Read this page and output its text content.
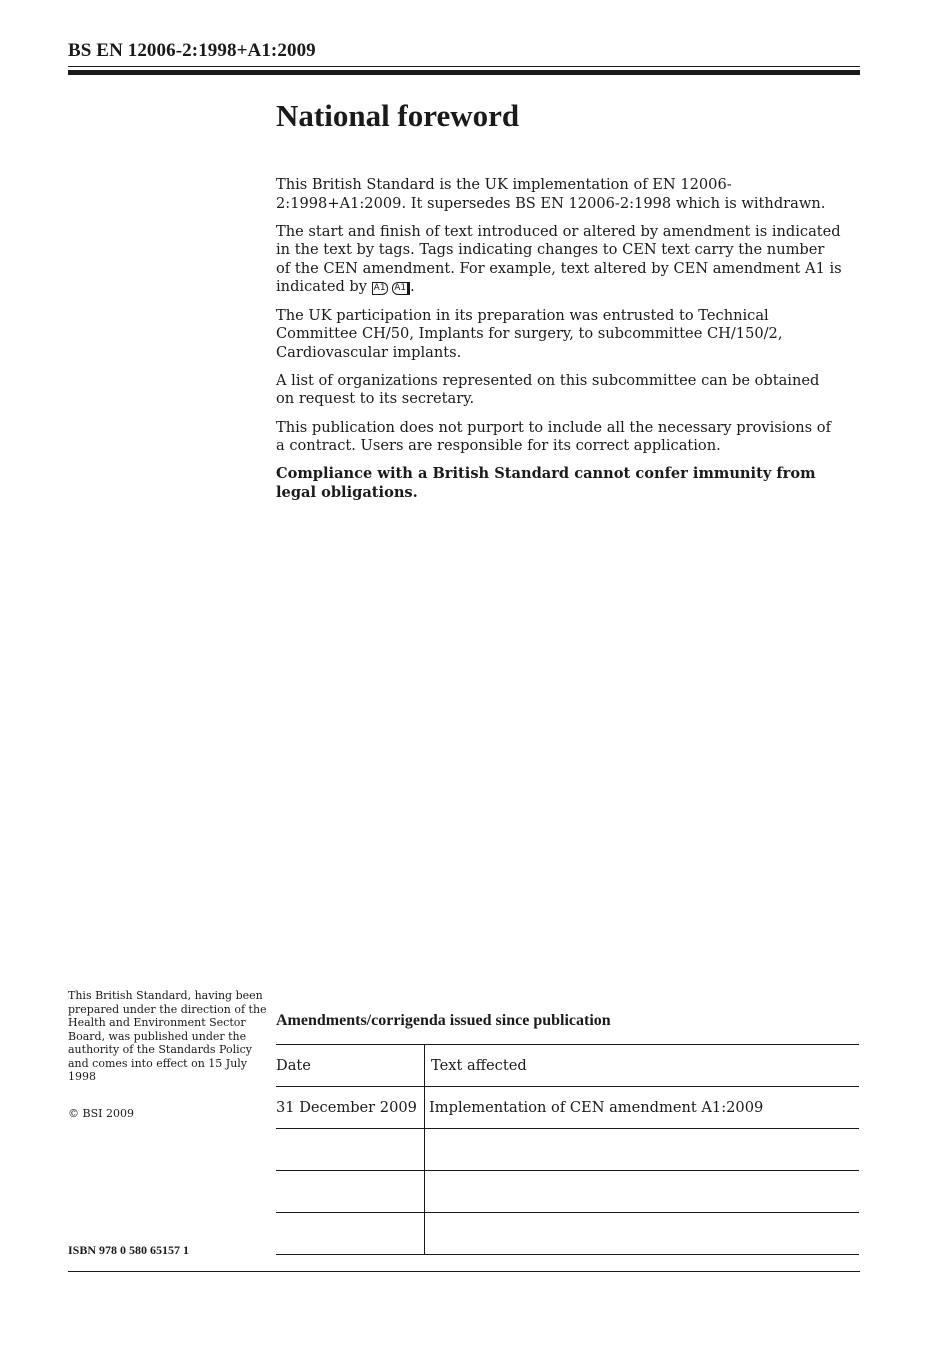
BS EN 12006-2:1998+A1:2009
National foreword

This British Standard is the UK implementation of EN 12006-2:1998+A1:2009. It supersedes BS EN 12006-2:1998 which is withdrawn.

The start and finish of text introduced or altered by amendment is indicated in the text by tags. Tags indicating changes to CEN text carry the number of the CEN amendment. For example, text altered by CEN amendment A1 is indicated by A1 A1 .

The UK participation in its preparation was entrusted to Technical Committee CH/50, Implants for surgery, to subcommittee CH/150/2, Cardiovascular implants.

A list of organizations represented on this subcommittee can be obtained on request to its secretary.

This publication does not purport to include all the necessary provisions of a contract. Users are responsible for its correct application.

Compliance with a British Standard cannot confer immunity from legal obligations.

This British Standard, having been prepared under the direction of the Health and Environment Sector Board, was published under the authority of the Standards Policy and comes into effect on 15 July 1998
© BSI 2009
ISBN 978 0 580 65157 1
Amendments/corrigenda issued since publication
Date	Text affected
31 December 2009	Implementation of CEN amendment A1:2009
